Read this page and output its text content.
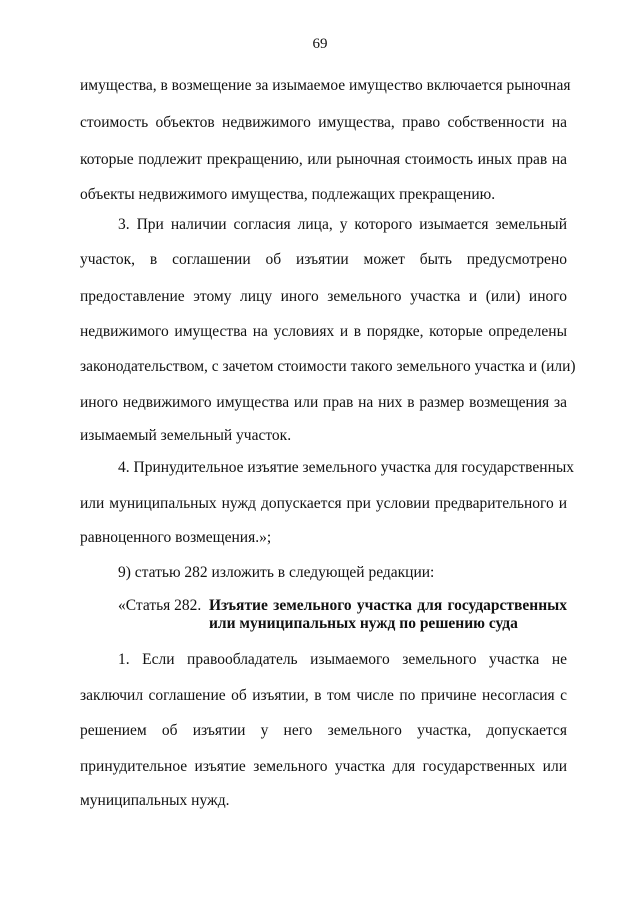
69
имущества, в возмещение за изымаемое имущество включается рыночная
стоимость объектов недвижимого имущества, право собственности на
которые подлежит прекращению, или рыночная стоимость иных прав на
объекты недвижимого имущества, подлежащих прекращению.
3. При наличии согласия лица, у которого изымается земельный
участок, в соглашении об изъятии может быть предусмотрено
предоставление этому лицу иного земельного участка и (или) иного
недвижимого имущества на условиях и в порядке, которые определены
законодательством, с зачетом стоимости такого земельного участка и (или)
иного недвижимого имущества или прав на них в размер возмещения за
изымаемый земельный участок.
4. Принудительное изъятие земельного участка для государственных
или муниципальных нужд допускается при условии предварительного и
равноценного возмещения.»;
9) статью 282 изложить в следующей редакции:
«Статья 282. Изъятие земельного участка для государственных
или муниципальных нужд по решению суда
1. Если правообладатель изымаемого земельного участка не
заключил соглашение об изъятии, в том числе по причине несогласия с
решением об изъятии у него земельного участка, допускается
принудительное изъятие земельного участка для государственных или
муниципальных нужд.
